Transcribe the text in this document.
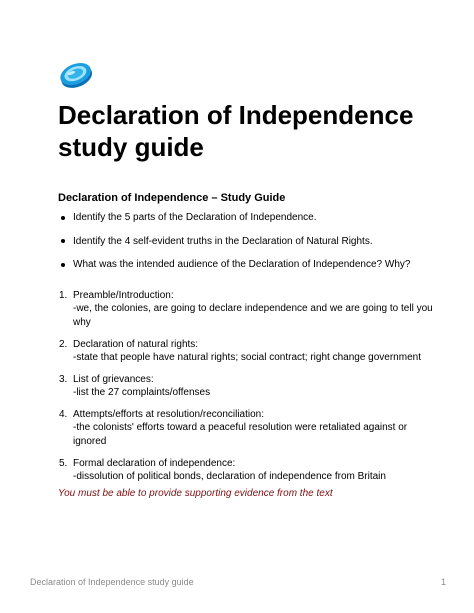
Declaration of Independence study guide

Declaration of Independence – Study Guide

Identify the 5 parts of the Declaration of Independence.
Identify the 4 self-evident truths in the Declaration of Natural Rights.
What was the intended audience of the Declaration of Independence? Why?
1. Preamble/Introduction:
-we, the colonies, are going to declare independence and we are going to tell you why
2. Declaration of natural rights:
-state that people have natural rights; social contract; right change government
3. List of grievances:
-list the 27 complaints/offenses
4. Attempts/efforts at resolution/reconciliation:
-the colonists' efforts toward a peaceful resolution were retaliated against or ignored
5. Formal declaration of independence:
-dissolution of political bonds, declaration of independence from Britain

You must be able to provide supporting evidence from the text

Declaration of Independence study guide	1
